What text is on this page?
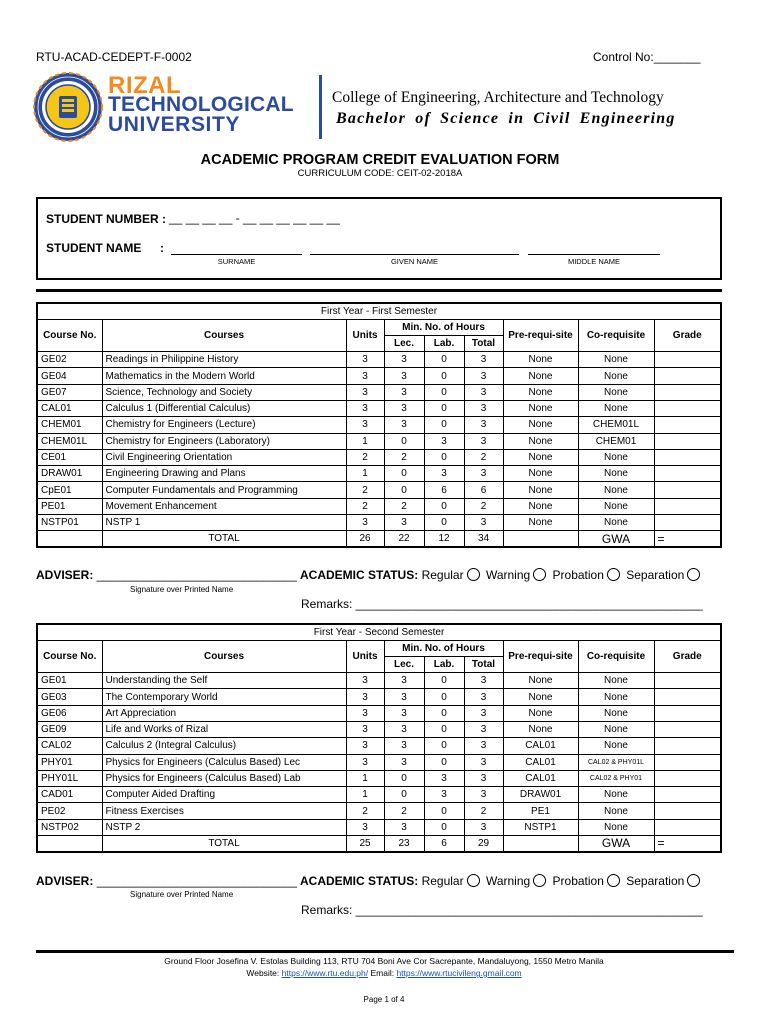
RTU-ACAD-CEDEPT-F-0002	Control No:_______
RIZAL
TECHNOLOGICAL
UNIVERSITY
College of Engineering, Architecture and Technology
Bachelor of Science in Civil Engineering
ACADEMIC PROGRAM CREDIT EVALUATION FORM
CURRICULUM CODE: CEIT-02-2018A
STUDENT NUMBER : __ __ __ __ - __ __ __ __ __ __
STUDENT NAME :
SURNAME	GIVEN NAME	MIDDLE NAME
First Year - First Semester								
Course No.	Courses	Units	Min. No. of Hours			Pre-requi-site	Co-requisite	Grade
			Lec.	Lab.	Total			
GE02	Readings in Philippine History	3	3	0	3	None	None	
GE04	Mathematics in the Modern World	3	3	0	3	None	None	
GE07	Science, Technology and Society	3	3	0	3	None	None	
CAL01	Calculus 1 (Differential Calculus)	3	3	0	3	None	None	
CHEM01	Chemistry for Engineers (Lecture)	3	3	0	3	None	CHEM01L	
CHEM01L	Chemistry for Engineers (Laboratory)	1	0	3	3	None	CHEM01	
CE01	Civil Engineering Orientation	2	2	0	2	None	None	
DRAW01	Engineering Drawing and Plans	1	0	3	3	None	None	
CpE01	Computer Fundamentals and Programming	2	0	6	6	None	None	
PE01	Movement Enhancement	2	2	0	2	None	None	
NSTP01	NSTP 1	3	3	0	3	None	None	
	TOTAL	26	22	12	34		GWA	=
ADVISER: ______________________________
Signature over Printed Name
ACADEMIC STATUS: Regular Warning Probation Separation
Remarks: ____________________________________________________
First Year - Second Semester								
Course No.	Courses	Units	Min. No. of Hours			Pre-requi-site	Co-requisite	Grade
			Lec.	Lab.	Total			
GE01	Understanding the Self	3	3	0	3	None	None	
GE03	The Contemporary World	3	3	0	3	None	None	
GE06	Art Appreciation	3	3	0	3	None	None	
GE09	Life and Works of Rizal	3	3	0	3	None	None	
CAL02	Calculus 2 (Integral Calculus)	3	3	0	3	CAL01	None	
PHY01	Physics for Engineers (Calculus Based) Lec	3	3	0	3	CAL01	CAL02 & PHY01L	
PHY01L	Physics for Engineers (Calculus Based) Lab	1	0	3	3	CAL01	CAL02 & PHY01	
CAD01	Computer Aided Drafting	1	0	3	3	DRAW01	None	
PE02	Fitness Exercises	2	2	0	2	PE1	None	
NSTP02	NSTP 2	3	3	0	3	NSTP1	None	
	TOTAL	25	23	6	29		GWA	=
ADVISER: ______________________________
Signature over Printed Name
ACADEMIC STATUS: Regular Warning Probation Separation
Remarks: ____________________________________________________
Ground Floor Josefina V. Estolas Building 113, RTU 704 Boni Ave Cor Sacrepante, Mandaluyong, 1550 Metro Manila
Website: https://www.rtu.edu.ph/ Email: https://www.rtucivileng.gmail.com
Page 1 of 4
